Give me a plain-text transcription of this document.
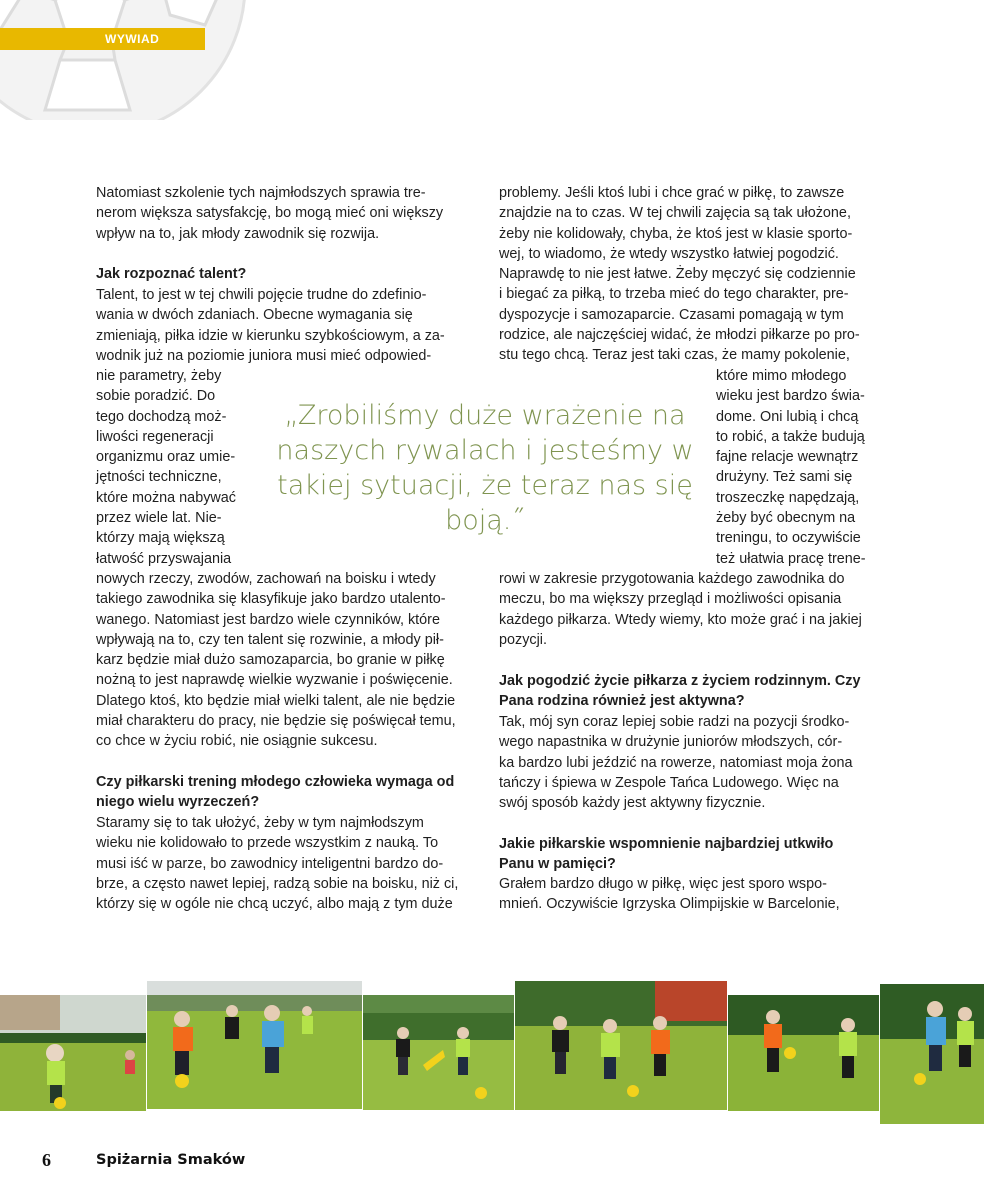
WYWIAD
Natomiast szkolenie tych najmłodszych sprawia tre-
nerom większa satysfakcję, bo mogą mieć oni większy
wpływ na to, jak młody zawodnik się rozwija.
Jak rozpoznać talent?
Talent, to jest w tej chwili pojęcie trudne do zdefinio-
wania w dwóch zdaniach. Obecne wymagania się
zmieniają, piłka idzie w kierunku szybkościowym, a za-
wodnik już na poziomie juniora musi mieć odpowied-
nie parametry, żeby
sobie poradzić. Do
tego dochodzą moż-
liwości regeneracji
organizmu oraz umie-
jętności techniczne,
które można nabywać
przez wiele lat. Nie-
którzy mają większą
łatwość przyswajania
nowych rzeczy, zwodów, zachowań na boisku i wtedy
takiego zawodnika się klasyfikuje jako bardzo utalento-
wanego. Natomiast jest bardzo wiele czynników, które
wpływają na to, czy ten talent się rozwinie, a młody pił-
karz będzie miał dużo samozaparcia, bo granie w piłkę
nożną to jest naprawdę wielkie wyzwanie i poświęcenie.
Dlatego ktoś, kto będzie miał wielki talent, ale nie będzie
miał charakteru do pracy, nie będzie się poświęcał temu,
co chce w życiu robić, nie osiągnie sukcesu.
Czy piłkarski trening młodego człowieka wymaga od
niego wielu wyrzeczeń?
Staramy się to tak ułożyć, żeby w tym najmłodszym
wieku nie kolidowało to przede wszystkim z nauką. To
musi iść w parze, bo zawodnicy inteligentni bardzo do-
brze, a często nawet lepiej, radzą sobie na boisku, niż ci,
którzy się w ogóle nie chcą uczyć, albo mają z tym duże
problemy. Jeśli ktoś lubi i chce grać w piłkę, to zawsze
znajdzie na to czas. W tej chwili zajęcia są tak ułożone,
żeby nie kolidowały, chyba, że ktoś jest w klasie sporto-
wej, to wiadomo, że wtedy wszystko łatwiej pogodzić.
Naprawdę to nie jest łatwe. Żeby męczyć się codziennie
i biegać za piłką, to trzeba mieć do tego charakter, pre-
dyspozycje i samozaparcie. Czasami pomagają w tym
rodzice, ale najczęściej widać, że młodzi piłkarze po pro-
stu tego chcą. Teraz jest taki czas, że mamy pokolenie,
które mimo młodego
wieku jest bardzo świa-
dome. Oni lubią i chcą
to robić, a także budują
fajne relacje wewnątrz
drużyny. Też sami się
troszeczkę napędzają,
żeby być obecnym na
treningu, to oczywiście
też ułatwia pracę trene-
rowi w zakresie przygotowania każdego zawodnika do
meczu, bo ma większy przegląd i możliwości opisania
każdego piłkarza. Wtedy wiemy, kto może grać i na jakiej
pozycji.
Jak pogodzić życie piłkarza z życiem rodzinnym. Czy
Pana rodzina również jest aktywna?
Tak, mój syn coraz lepiej sobie radzi na pozycji środko-
wego napastnika w drużynie juniorów młodszych, cór-
ka bardzo lubi jeździć na rowerze, natomiast moja żona
tańczy i śpiewa w Zespole Tańca Ludowego. Więc na
swój sposób każdy jest aktywny fizycznie.
Jakie piłkarskie wspomnienie najbardziej utkwiło
Panu w pamięci?
Grałem bardzo długo w piłkę, więc jest sporo wspo-
mnień. Oczywiście Igrzyska Olimpijskie w Barcelonie,
„Zrobiliśmy duże wrażenie na naszych rywalach i jesteśmy w takiej sytuacji, że teraz nas się boją.˝
6	Spiżarnia Smaków
